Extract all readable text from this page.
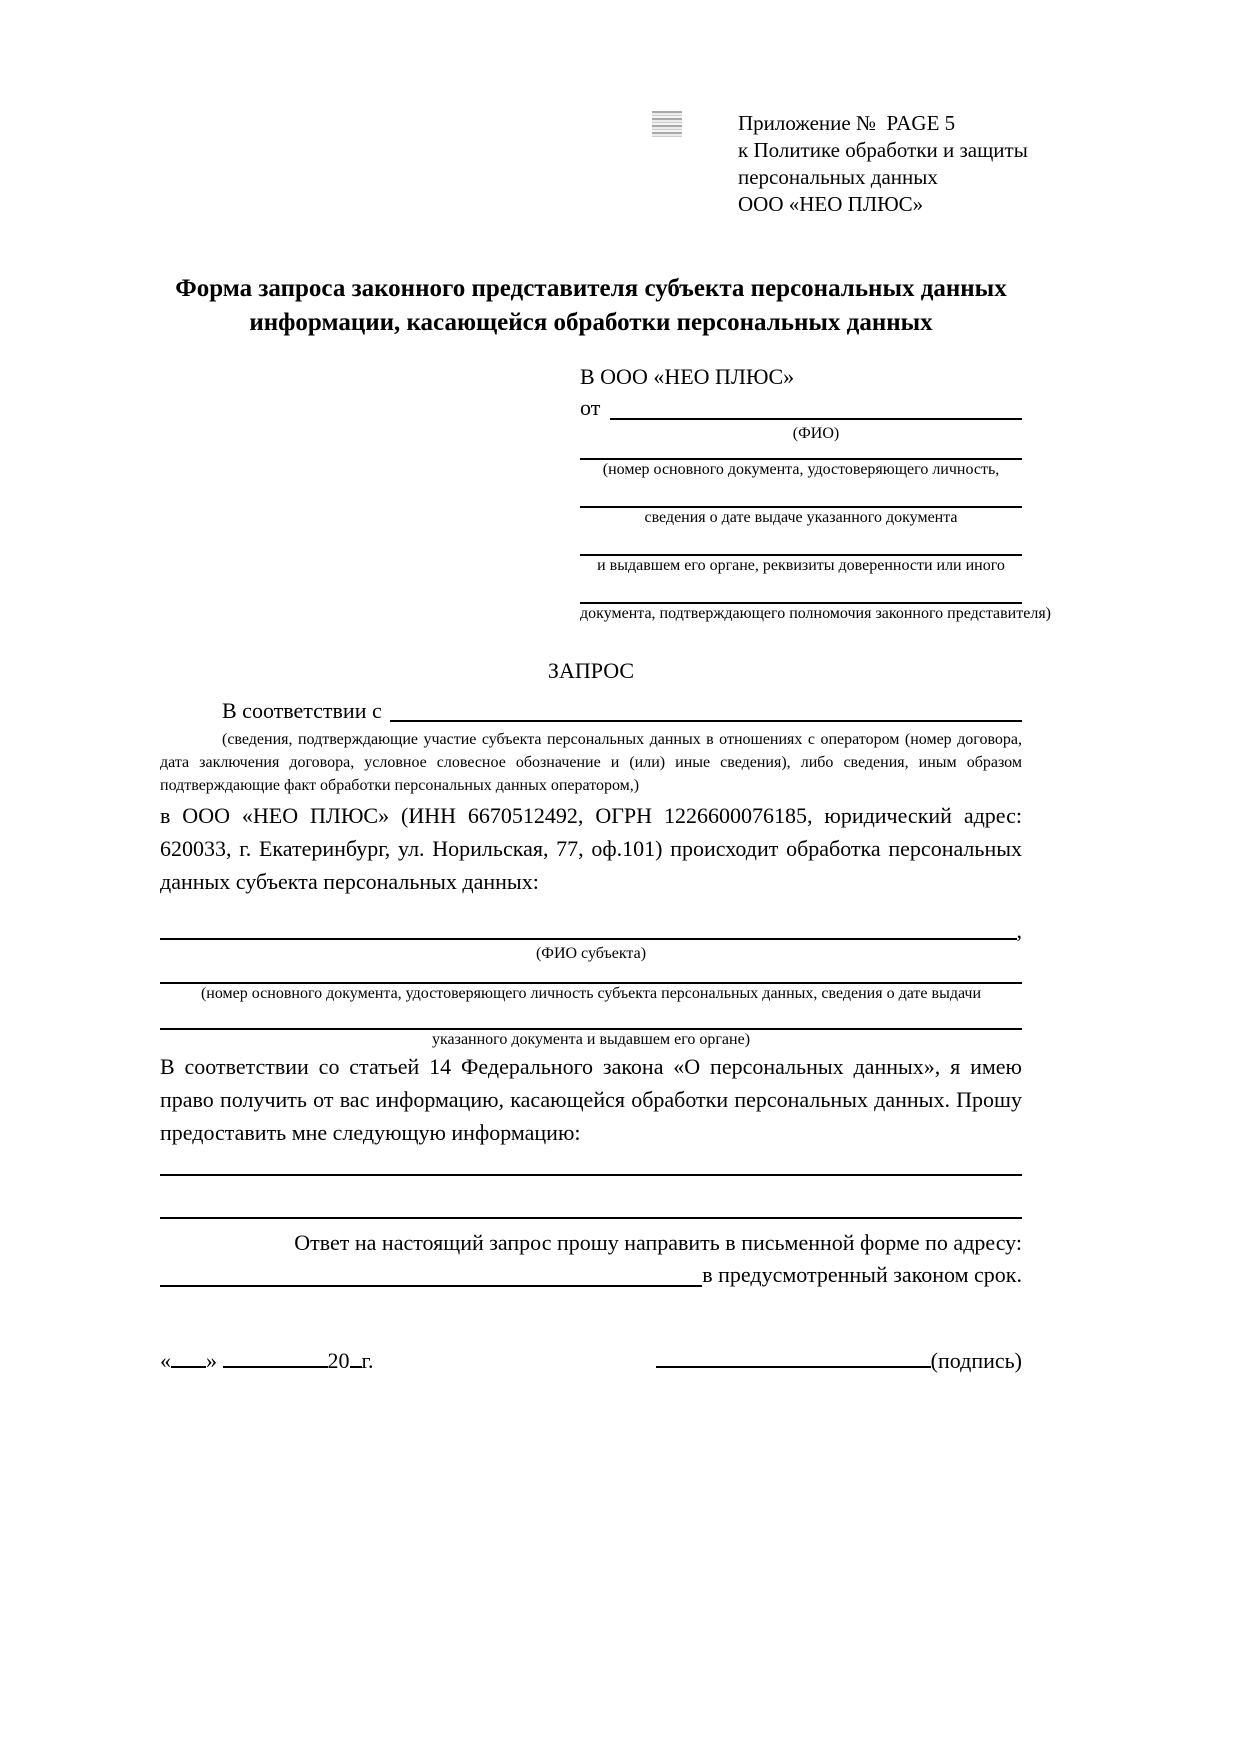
Приложение №  PAGE 5
к Политике обработки и защиты
персональных данных
ООО «НЕО ПЛЮС»
Форма запроса законного представителя субъекта персональных данных информации, касающейся обработки персональных данных
В ООО «НЕО ПЛЮС»
от
(ФИО)
(номер основного документа, удостоверяющего личность,
сведения о дате выдаче указанного документа
и выдавшем его органе, реквизиты доверенности или иного
документа, подтверждающего полномочия законного представителя)
ЗАПРОС
В соответствии с
(сведения, подтверждающие участие субъекта персональных данных в отношениях с оператором (номер договора, дата заключения договора, условное словесное обозначение и (или) иные сведения), либо сведения, иным образом подтверждающие факт обработки персональных данных оператором,)

в ООО «НЕО ПЛЮС» (ИНН 6670512492, ОГРН 1226600076185, юридический адрес: 620033, г. Екатеринбург, ул. Норильская, 77, оф.101) происходит обработка персональных данных субъекта персональных данных:

,
(ФИО субъекта)
(номер основного документа, удостоверяющего личность субъекта персональных данных, сведения о дате выдачи
указанного документа и выдавшем его органе)

В соответствии со статьей 14 Федерального закона «О персональных данных», я имею право получить от вас информацию, касающейся обработки персональных данных. Прошу предоставить мне следующую информацию:

Ответ на настоящий запрос прошу направить в письменной форме по адресу:
в предусмотренный законом срок.
« »	20 г.	(подпись)
